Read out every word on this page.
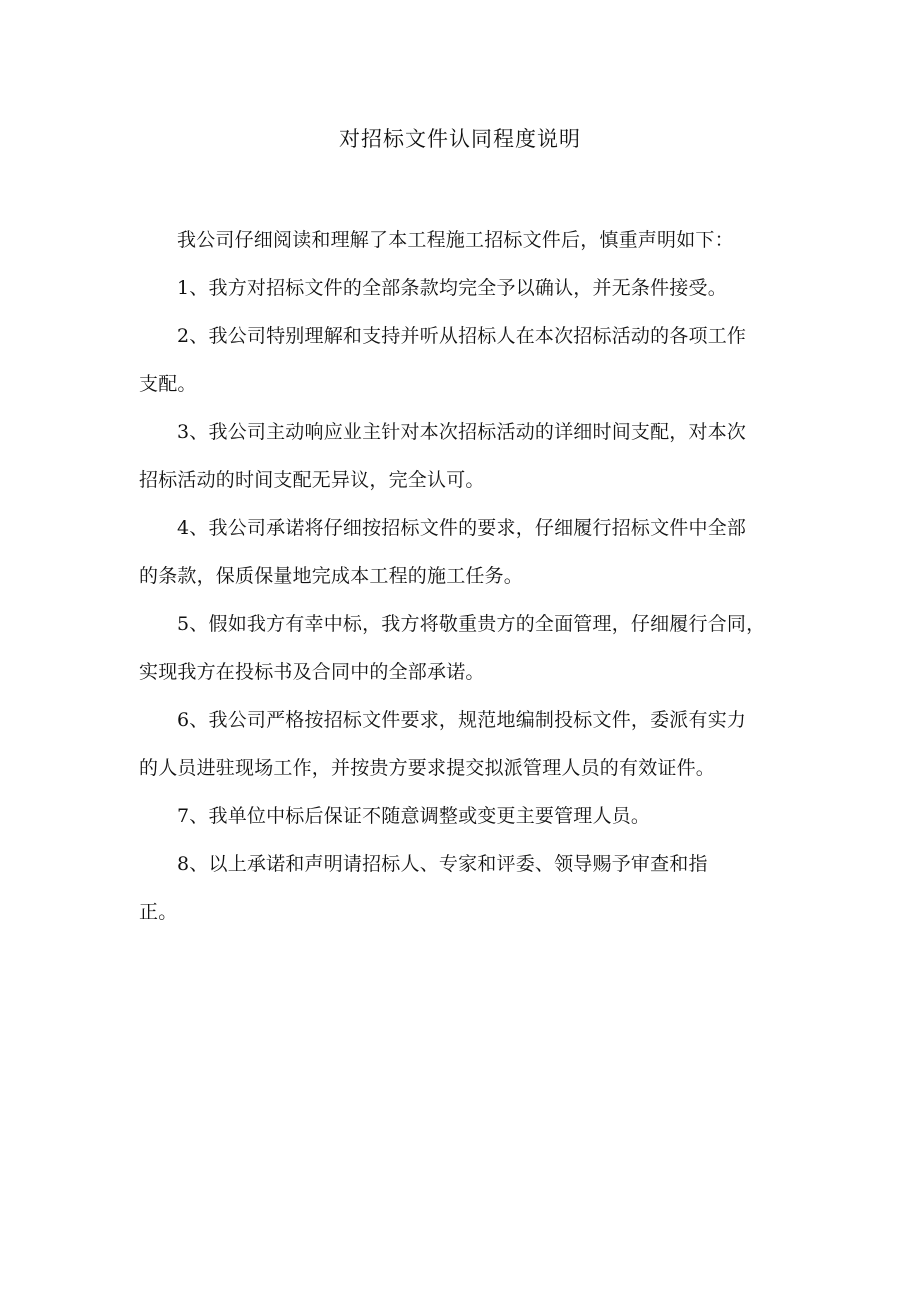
对招标文件认同程度说明

我公司仔细阅读和理解了本工程施工招标文件后，慎重声明如下：

1、我方对招标文件的全部条款均完全予以确认，并无条件接受。

2、我公司特别理解和支持并听从招标人在本次招标活动的各项工作
支配。

3、我公司主动响应业主针对本次招标活动的详细时间支配，对本次
招标活动的时间支配无异议，完全认可。

4、我公司承诺将仔细按招标文件的要求，仔细履行招标文件中全部
的条款，保质保量地完成本工程的施工任务。

5、假如我方有幸中标，我方将敬重贵方的全面管理，仔细履行合同，
实现我方在投标书及合同中的全部承诺。

6、我公司严格按招标文件要求，规范地编制投标文件，委派有实力
的人员进驻现场工作，并按贵方要求提交拟派管理人员的有效证件。

7、我单位中标后保证不随意调整或变更主要管理人员。

8、以上承诺和声明请招标人、专家和评委、领导赐予审查和指
正。
